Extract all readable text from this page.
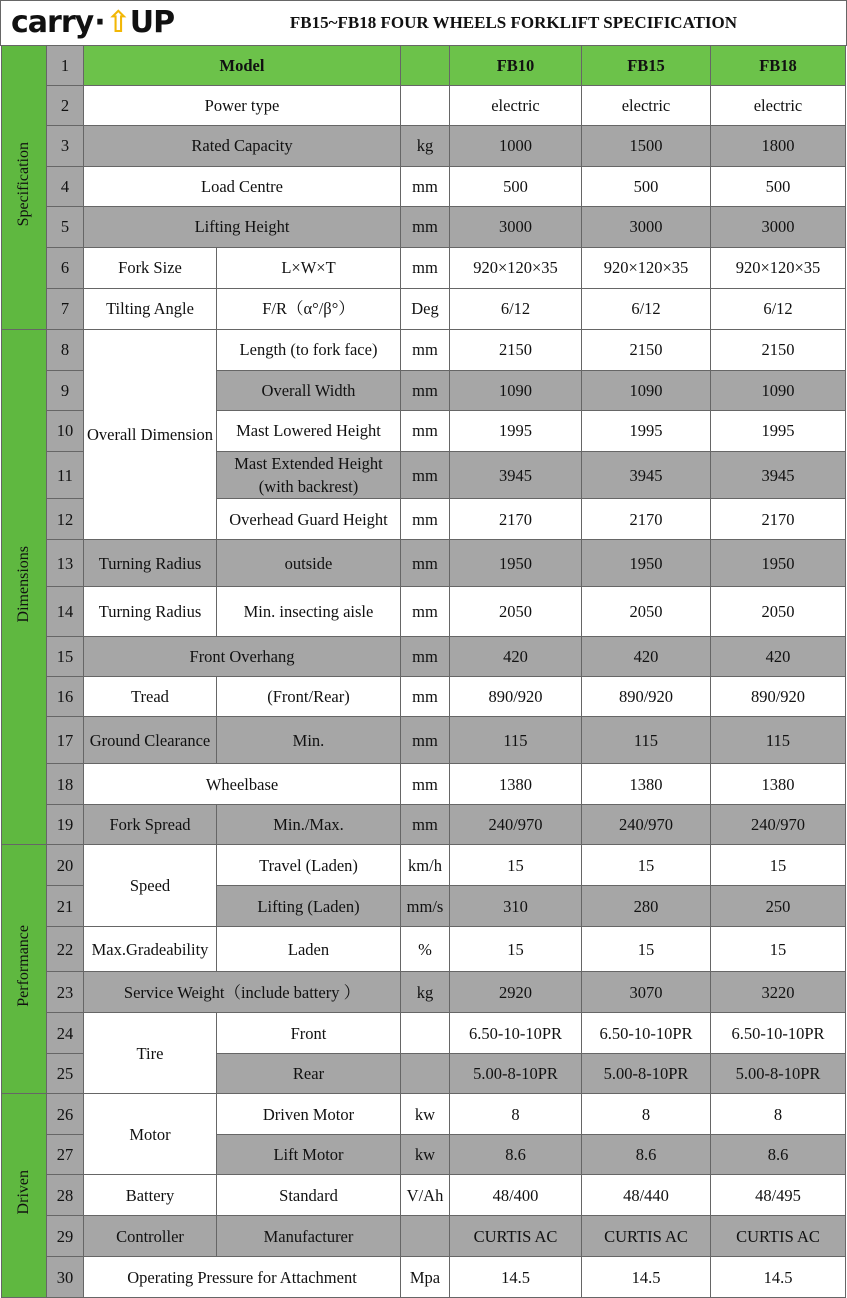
carry·⇧UP	FB15~FB18 FOUR WHEELS FORKLIFT SPECIFICATION
Specification	1	Model			FB10	FB15	FB18
	2	Power type			electric	electric	electric
	3	Rated Capacity		kg	1000	1500	1800
	4	Load Centre		mm	500	500	500
	5	Lifting Height		mm	3000	3000	3000
	6	Fork Size	L×W×T	mm	920×120×35	920×120×35	920×120×35
	7	Tilting Angle	F/R（α°/β°）	Deg	6/12	6/12	6/12
Dimensions	8	Overall Dimension	Length (to fork face)	mm	2150	2150	2150
	9		Overall Width	mm	1090	1090	1090
	10		Mast Lowered Height	mm	1995	1995	1995
	11		Mast Extended Height (with backrest)	mm	3945	3945	3945
	12		Overhead Guard Height	mm	2170	2170	2170
	13	Turning Radius	outside	mm	1950	1950	1950
	14	Turning Radius	Min. insecting aisle	mm	2050	2050	2050
	15	Front Overhang		mm	420	420	420
	16	Tread	(Front/Rear)	mm	890/920	890/920	890/920
	17	Ground Clearance	Min.	mm	115	115	115
	18	Wheelbase		mm	1380	1380	1380
	19	Fork Spread	Min./Max.	mm	240/970	240/970	240/970
Performance	20	Speed	Travel (Laden)	km/h	15	15	15
	21		Lifting (Laden)	mm/s	310	280	250
	22	Max.Gradeability	Laden	%	15	15	15
	23	Service Weight（include battery ）		kg	2920	3070	3220
	24	Tire	Front		6.50-10-10PR	6.50-10-10PR	6.50-10-10PR
	25		Rear		5.00-8-10PR	5.00-8-10PR	5.00-8-10PR
Driven	26	Motor	Driven Motor	kw	8	8	8
	27		Lift Motor	kw	8.6	8.6	8.6
	28	Battery	Standard	V/Ah	48/400	48/440	48/495
	29	Controller	Manufacturer		CURTIS AC	CURTIS AC	CURTIS AC
	30	Operating Pressure for Attachment		Mpa	14.5	14.5	14.5
